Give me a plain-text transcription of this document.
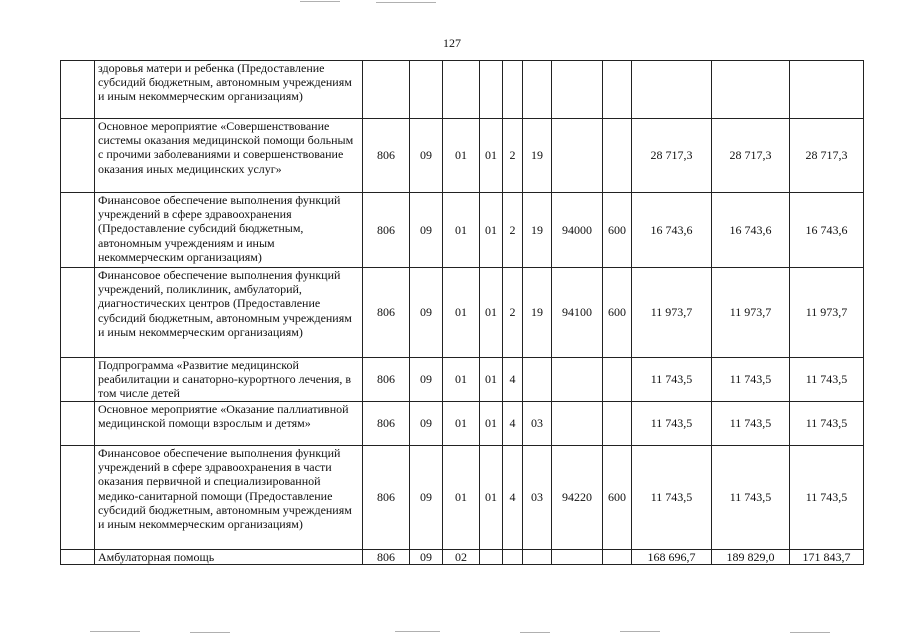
127
	здоровья матери и ребенка (Предоставление субсидий бюджетным, автономным учреждениям и иным некоммерческим организациям)											
	Основное мероприятие «Совершенствование системы оказания медицинской помощи больным с прочими заболеваниями и совершенствование оказания иных медицинских услуг»	806	09	01	01	2	19			28 717,3	28 717,3	28 717,3
	Финансовое обеспечение выполнения функций учреждений в сфере здравоохранения (Предоставление субсидий бюджетным, автономным учреждениям и иным некоммерческим организациям)	806	09	01	01	2	19	94000	600	16 743,6	16 743,6	16 743,6
	Финансовое обеспечение выполнения функций учреждений, поликлиник, амбулаторий, диагностических центров (Предоставление субсидий бюджетным, автономным учреждениям и иным некоммерческим организациям)	806	09	01	01	2	19	94100	600	11 973,7	11 973,7	11 973,7
	Подпрограмма «Развитие медицинской реабилитации и санаторно-курортного лечения, в том числе детей	806	09	01	01	4				11 743,5	11 743,5	11 743,5
	Основное мероприятие «Оказание паллиативной медицинской помощи взрослым и детям»	806	09	01	01	4	03			11 743,5	11 743,5	11 743,5
	Финансовое обеспечение выполнения функций учреждений в сфере здравоохранения в части оказания первичной и специализированной медико-санитарной помощи (Предоставление субсидий бюджетным, автономным учреждениям и иным некоммерческим организациям)	806	09	01	01	4	03	94220	600	11 743,5	11 743,5	11 743,5
	Амбулаторная помощь	806	09	02						168 696,7	189 829,0	171 843,7
